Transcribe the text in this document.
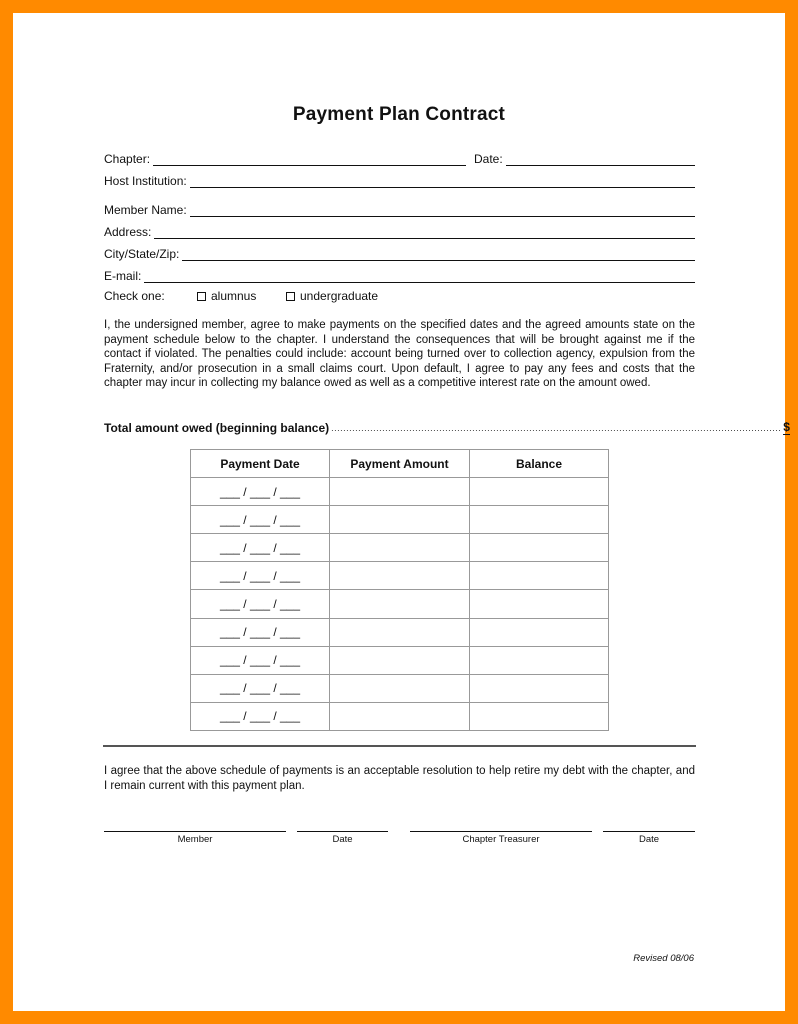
Payment Plan Contract
Chapter:	Date:
Host Institution:
Member Name:
Address:
City/State/Zip:
E-mail:
Check one:	alumnus	undergraduate
I, the undersigned member, agree to make payments on the specified dates and the agreed amounts state on the payment schedule below to the chapter. I understand the consequences that will be brought against me if the contact if violated. The penalties could include: account being turned over to collection agency, expulsion from the Fraternity, and/or prosecution in a small claims court. Upon default, I agree to pay any fees and costs that the chapter may incur in collecting my balance owed as well as a competitive interest rate on the amount owed.
Total amount owed (beginning balance) ...................................................................................................................................................... $
Payment Date	Payment Amount	Balance
___ / ___ / ___		
___ / ___ / ___		
___ / ___ / ___		
___ / ___ / ___		
___ / ___ / ___		
___ / ___ / ___		
___ / ___ / ___		
___ / ___ / ___		
___ / ___ / ___		
I agree that the above schedule of payments is an acceptable resolution to help retire my debt with the chapter, and I remain current with this payment plan.
Member	Date	Chapter Treasurer	Date
Revised 08/06
